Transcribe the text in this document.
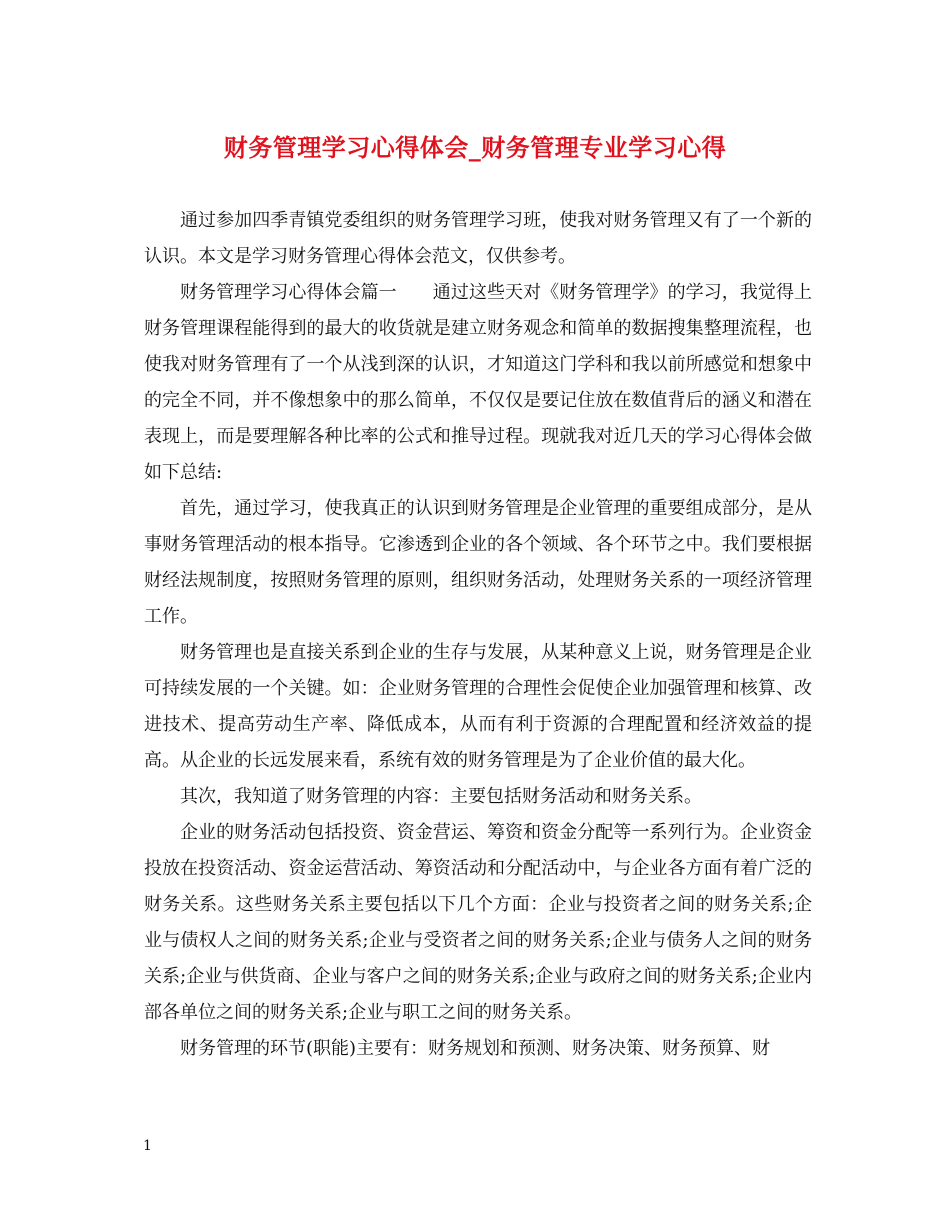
财务管理学习心得体会_财务管理专业学习心得

通过参加四季青镇党委组织的财务管理学习班，使我对财务管理又有了一个新的认识。本文是学习财务管理心得体会范文，仅供参考。

财务管理学习心得体会篇一 通过这些天对《财务管理学》的学习，我觉得上财务管理课程能得到的最大的收货就是建立财务观念和简单的数据搜集整理流程，也使我对财务管理有了一个从浅到深的认识，才知道这门学科和我以前所感觉和想象中的完全不同，并不像想象中的那么简单，不仅仅是要记住放在数值背后的涵义和潜在表现上，而是要理解各种比率的公式和推导过程。现就我对近几天的学习心得体会做如下总结:

首先，通过学习，使我真正的认识到财务管理是企业管理的重要组成部分，是从事财务管理活动的根本指导。它渗透到企业的各个领域、各个环节之中。我们要根据财经法规制度，按照财务管理的原则，组织财务活动，处理财务关系的一项经济管理工作。

财务管理也是直接关系到企业的生存与发展，从某种意义上说，财务管理是企业可持续发展的一个关键。如：企业财务管理的合理性会促使企业加强管理和核算、改进技术、提高劳动生产率、降低成本，从而有利于资源的合理配置和经济效益的提高。从企业的长远发展来看，系统有效的财务管理是为了企业价值的最大化。

其次，我知道了财务管理的内容：主要包括财务活动和财务关系。

企业的财务活动包括投资、资金营运、筹资和资金分配等一系列行为。企业资金投放在投资活动、资金运营活动、筹资活动和分配活动中，与企业各方面有着广泛的财务关系。这些财务关系主要包括以下几个方面：企业与投资者之间的财务关系;企业与债权人之间的财务关系;企业与受资者之间的财务关系;企业与债务人之间的财务关系;企业与供货商、企业与客户之间的财务关系;企业与政府之间的财务关系;企业内部各单位之间的财务关系;企业与职工之间的财务关系。

财务管理的环节(职能)主要有：财务规划和预测、财务决策、财务预算、财

1
